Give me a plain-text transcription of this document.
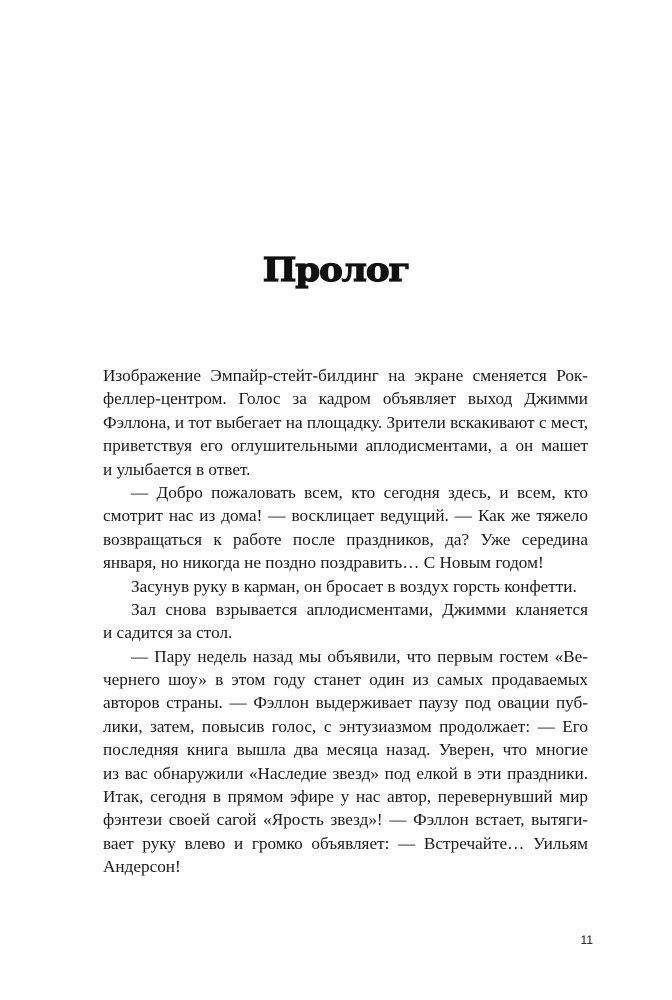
Пролог
Изображение Эмпайр-стейт-билдинг на экране сменяется Рок-
феллер-центром. Голос за кадром объявляет выход Джимми
Фэллона, и тот выбегает на площадку. Зрители вскакивают с мест,
приветствуя его оглушительными аплодисментами, а он машет
и улыбается в ответ.
— Добро пожаловать всем, кто сегодня здесь, и всем, кто
смотрит нас из дома! — восклицает ведущий. — Как же тяжело
возвращаться к работе после праздников, да? Уже середина
января, но никогда не поздно поздравить… С Новым годом!
Засунув руку в карман, он бросает в воздух горсть конфетти.
Зал снова взрывается аплодисментами, Джимми кланяется
и садится за стол.
— Пару недель назад мы объявили, что первым гостем «Ве-
чернего шоу» в этом году станет один из самых продаваемых
авторов страны. — Фэллон выдерживает паузу под овации пуб-
лики, затем, повысив голос, с энтузиазмом продолжает: — Его
последняя книга вышла два месяца назад. Уверен, что многие
из вас обнаружили «Наследие звезд» под елкой в эти праздники.
Итак, сегодня в прямом эфире у нас автор, перевернувший мир
фэнтези своей сагой «Ярость звезд»! — Фэллон встает, вытяги-
вает руку влево и громко объявляет: — Встречайте… Уильям
Андерсон!
11
